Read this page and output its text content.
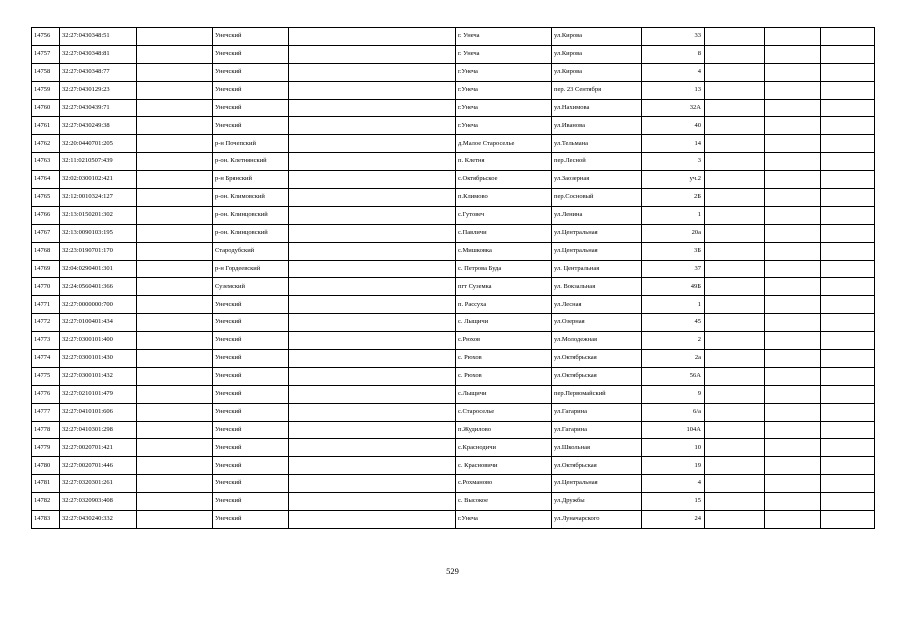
14756	32:27:0430348:51		Унечский		г. Унеча	ул.Кирова	33			
14757	32:27:0430348:81		Унечский		г. Унеча	ул.Кирова	8			
14758	32:27:0430348:77		Унечский		г.Унеча	ул.Кирова	4			
14759	32:27:0430129:23		Унечский		г.Унеча	пер. 23 Сентября	13			
14760	32:27:0430439:71		Унечский		г.Унеча	ул.Нахимова	32А			
14761	32:27:0430249:38		Унечский		г.Унеча	ул.Иванова	40			
14762	32:20:0440701:205		р-н Почепский		д.Малое Староселье	ул.Тельмана	14			
14763	32:11:0210507:439		р-он. Клетнянский		п. Клетня	пер.Лесной	3			
14764	32:02:0300102:421		р-н Брянский		с.Октябрьское	ул.Заозерная	уч.2			
14765	32:12:0010324:127		р-он. Климовский		п.Климово	пер.Сосновый	2Б			
14766	32:13:0150201:302		р-он. Клинцовский		с.Гутовеч	ул.Ленина	1			
14767	32:13:0090103:195		р-он. Клинцовский		с.Павличи	ул.Центральная	20а			
14768	32:23:0190701:170		Стародубский		с.Мишковка	ул.Центральная	3Б			
14769	32:04:0290401:301		р-н Гордеевский		с. Петрова Буда	ул. Центральная	37			
14770	32:24:0560401:366		Суземский		пгт Суземка	ул. Вокзальная	49Б			
14771	32:27:0000000:700		Унечский		п. Рассуха	ул.Лесная	1			
14772	32:27:0100401:434		Унечский		с. Лыщичи	ул.Озерная	45			
14773	32:27:0300101:400		Унечский		с.Рюхов	ул.Молодежная	2			
14774	32:27:0300101:430		Унечский		с. Рюхов	ул.Октябрьская	2а			
14775	32:27:0300101:432		Унечский		с. Рюхов	ул.Октябрьская	56А			
14776	32:27:0210101:479		Унечский		с.Лыщичи	пер.Первомайский	9			
14777	32:27:0410101:606		Унечский		с.Староселье	ул.Гагарина	6/а			
14778	32:27:0410301:298		Унечский		п.Жудилово	ул.Гагарина	104А			
14779	32:27:0020701:421		Унечский		с.Краснодичи	ул.Школьная	10			
14780	32:27:0020701:446		Унечский		с. Красновичи	ул.Октябрьская	19			
14781	32:27:0320301:261		Унечский		с.Рохмановo	ул.Центральная	4			
14782	32:27:0320903:408		Унечский		с. Высокое	ул.Дружбы	15			
14783	32:27:0430240:332		Унечский		г.Унеча	ул.Луначарского	24			
529
